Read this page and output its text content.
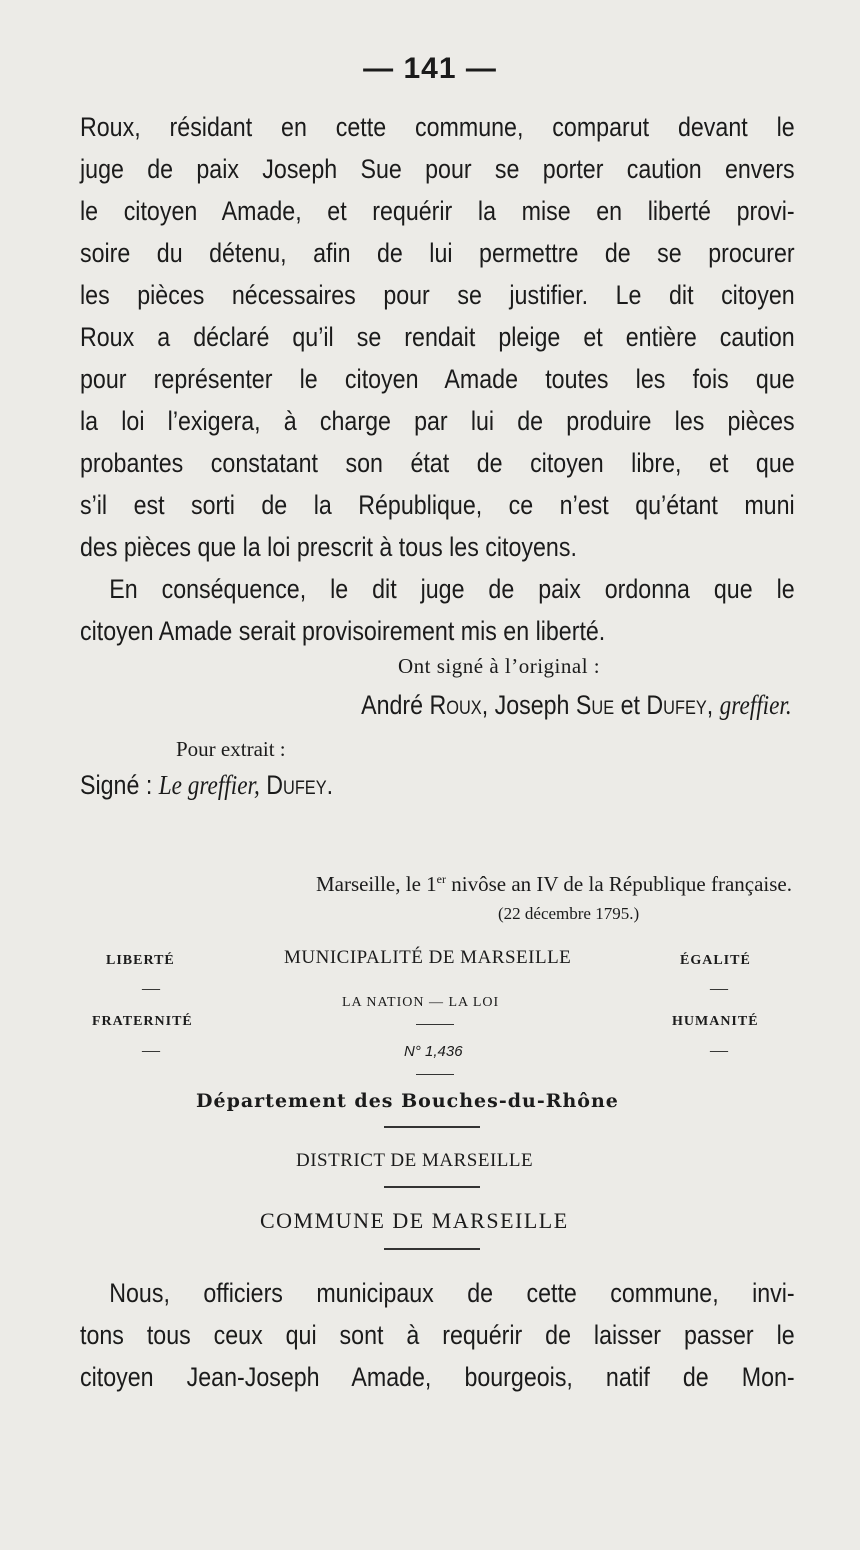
— 141 —
Roux, résidant en cette commune, comparut devant le
juge de paix Joseph Sue pour se porter caution envers
le citoyen Amade, et requérir la mise en liberté provi-
soire du détenu, afin de lui permettre de se procurer
les pièces nécessaires pour se justifier. Le dit citoyen
Roux a déclaré qu’il se rendait pleige et entière caution
pour représenter le citoyen Amade toutes les fois que
la loi l’exigera, à charge par lui de produire les pièces
probantes constatant son état de citoyen libre, et que
s’il est sorti de la République, ce n’est qu’étant muni
des pièces que la loi prescrit à tous les citoyens.
En conséquence, le dit juge de paix ordonna que le
citoyen Amade serait provisoirement mis en liberté.
Ont signé à l’original :
André Roux, Joseph Sue et Dufey, greffier.
Pour extrait :
Signé : Le greffier, Dufey.
Marseille, le 1er nivôse an IV de la République française.
(22 décembre 1795.)
LIBERTÉ	MUNICIPALITÉ DE MARSEILLE	ÉGALITÉ
—	—
LA NATION — LA LOI
FRATERNITÉ	HUMANITÉ
—	—
N° 1,436
Département des Bouches-du-Rhône
DISTRICT DE MARSEILLE
COMMUNE DE MARSEILLE
Nous, officiers municipaux de cette commune, invi-
tons tous ceux qui sont à requérir de laisser passer le
citoyen Jean-Joseph Amade, bourgeois, natif de Mon-
